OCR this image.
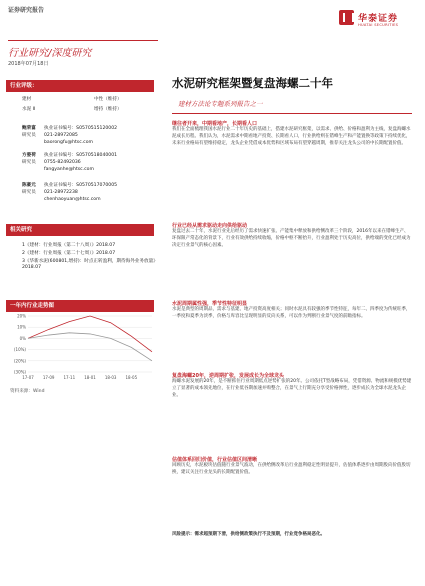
证券研究报告
行业研究/深度研究
2018年07月18日
华泰证券
HUATAI SECURITIES
行业评级：
建材	中性（维持）
水泥 II	增持（维持）
鲍荣富
研究员
执业证书编号：S0570515120002
021-28972085
baorongfu@htsc.com
方晏荷
研究员
执业证书编号：S0570518040001
0755-82492036
fangyanhe@htsc.com
陈豪元
研究员
执业证书编号：S0570517070005
021-28972238
chenhaoyuan@htsc.com
相关研究
1《建材：行业周报（第二十八周）》2018.07
2《建材：行业周报（第二十七周）》2018.07
3《华新水泥(600801,增持)：时点正转盈利，期待海外业务放量》2018.07
一年内行业走势图
20%
10%
0%
(10%)
(20%)
(30%)
17-07 17-09 17-11 18-01 18-03 18-05
资料来源：Wind
水泥研究框架暨复盘海螺二十年
建材方法论专题系列报告之一
继往者开来，中期看地产，长期看人口
我们在全面梳理我国水泥行业二十年历史的基础上，搭建水泥研究框架，以需求、供给、价格和盈利为主线，复盘海螺水泥成长历程。我们认为，水泥需求中期看地产投资、长期看人口，行业供给则在错峰生产和产能置换等政策下持续优化，未来行业格局有望维持稳定，龙头企业凭借成本优势和区域布局有望穿越周期，推荐关注龙头公司的中长期配置价值。
行业已经从需求驱动走向供给驱动
复盘过去二十年，水泥行业先后经历了需求快速扩张、产能集中释放和供给侧改革三个阶段，2016年以来在错峰生产、环保限产常态化的背景下，行业有效供给持续收缩，价格中枢不断抬升，行业盈利处于历史高位，供给端的变化已经成为决定行业景气的核心因素。
水泥周期属性强，季节性特征明显
水泥是典型的周期品，需求与基建、地产投资高度相关；同时水泥具有较强的季节性特征，每年二、四季度为传统旺季，一季度和夏季为淡季，价格与库容比呈现明显的反向关系，可以作为判断行业景气度的前瞻指标。
复盘海螺20年，逆周期扩张，发展成长为全球龙头
海螺水泥发展的20年，是不断抓住行业周期低点逆势扩张的20年。公司依托T型战略布局，凭借资源、物流和规模优势建立了显著的成本领先地位，在行业低谷期加速并购整合，在景气上行期充分享受价格弹性，逐步成长为全球水泥龙头企业。
估值体系回归价值，行业估值区间清晰
回顾历史，水泥板块估值随行业景气波动，在供给侧改革后行业盈利稳定性明显提升，估值体系逐步由周期股向价值股切换，建议关注行业龙头的长期配置价值。
风险提示：需求超预期下滑，供给侧政策执行不及预期，行业竞争格局恶化。
